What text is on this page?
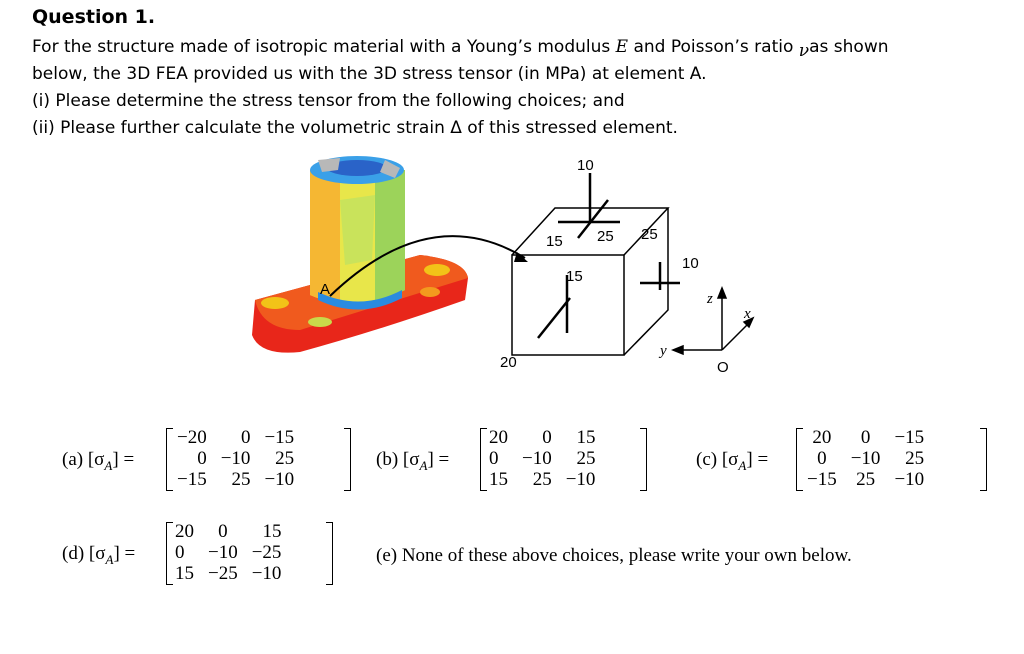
Question 1.
For the structure made of isotropic material with a Young’s modulus E and Poisson’s ratio νas shown
below, the 3D FEA provided us with the 3D stress tensor (in MPa) at element A.
(i) Please determine the stress tensor from the following choices; and
(ii) Please further calculate the volumetric strain Δ of this stressed element.
A
10
15 25 25
10
15
20
z
x
y
O
(a) $[\sigma_A]$ =
−20	0	−15
0	−10	25
−15	25	−10
(b) $[\sigma_A]$ =
20	0	15
0	−10	25
15	25	−10
(c) $[\sigma_A]$ =
20	0	−15
0	−10	25
−15	25	−10
(d) $[\sigma_A]$ =
20	0	15
0	−10	−25
15	−25	−10
(e) None of these above choices, please write your own below.
